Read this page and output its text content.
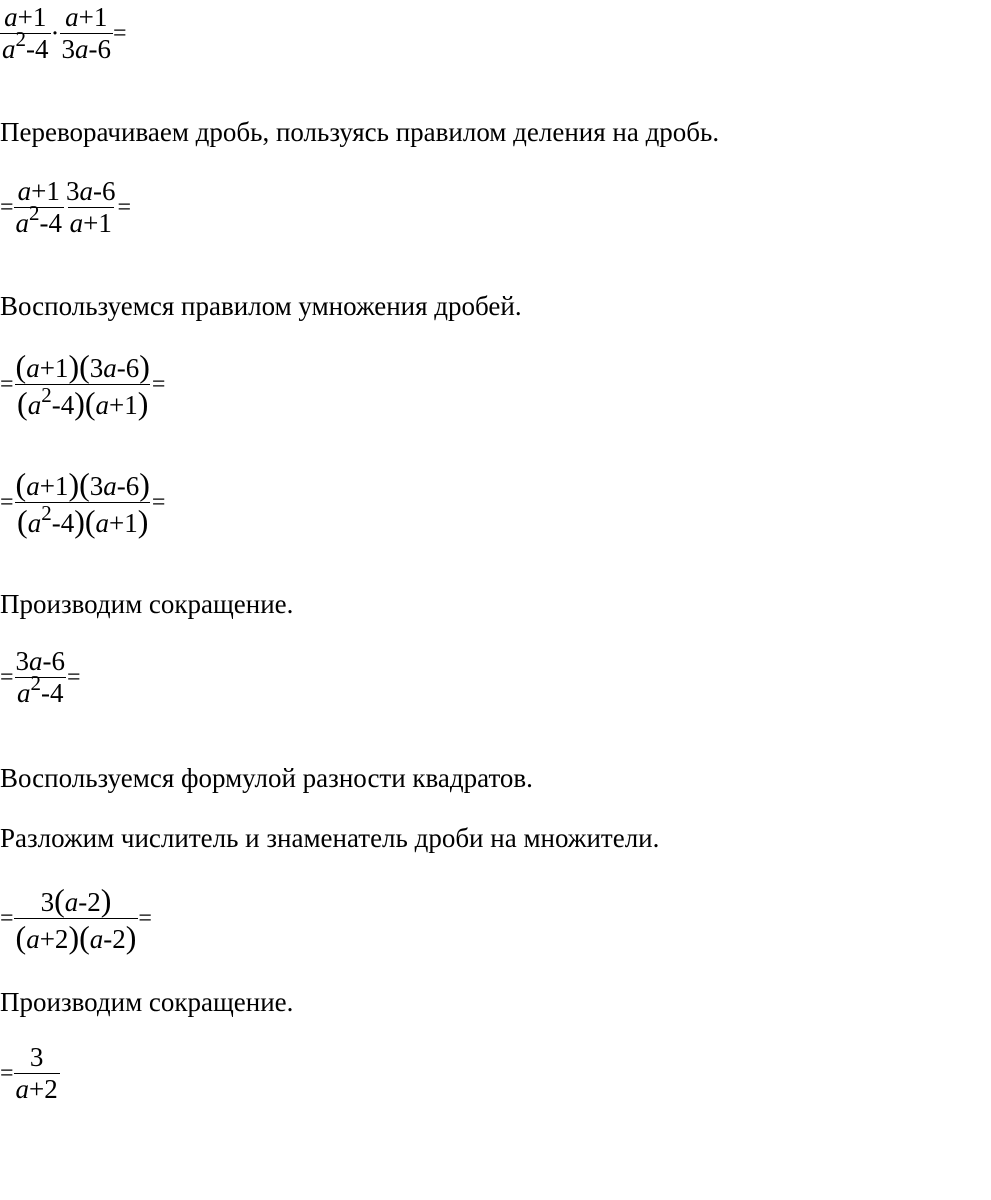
$\frac{a+1}{a^2-4} \cdot \frac{a+1}{3a-6}$ =
Переворачиваем дробь, пользуясь правилом деления на дробь.
= $\frac{a+1}{a^2-4} \frac{3a-6}{a+1}$ =
Воспользуемся правилом умножения дробей.
= $\frac{(a+1)(3a-6)}{(a^2-4)(a+1)}$ =
= $\frac{(a+1)(3a-6)}{(a^2-4)(a+1)}$ =
Производим сокращение.
= $\frac{3a-6}{a^2-4}$ =
Воспользуемся формулой разности квадратов.
Разложим числитель и знаменатель дроби на множители.
= $\frac{3(a-2)}{(a+2)(a-2)}$ =
Производим сокращение.
= $\frac{3}{a+2}$
